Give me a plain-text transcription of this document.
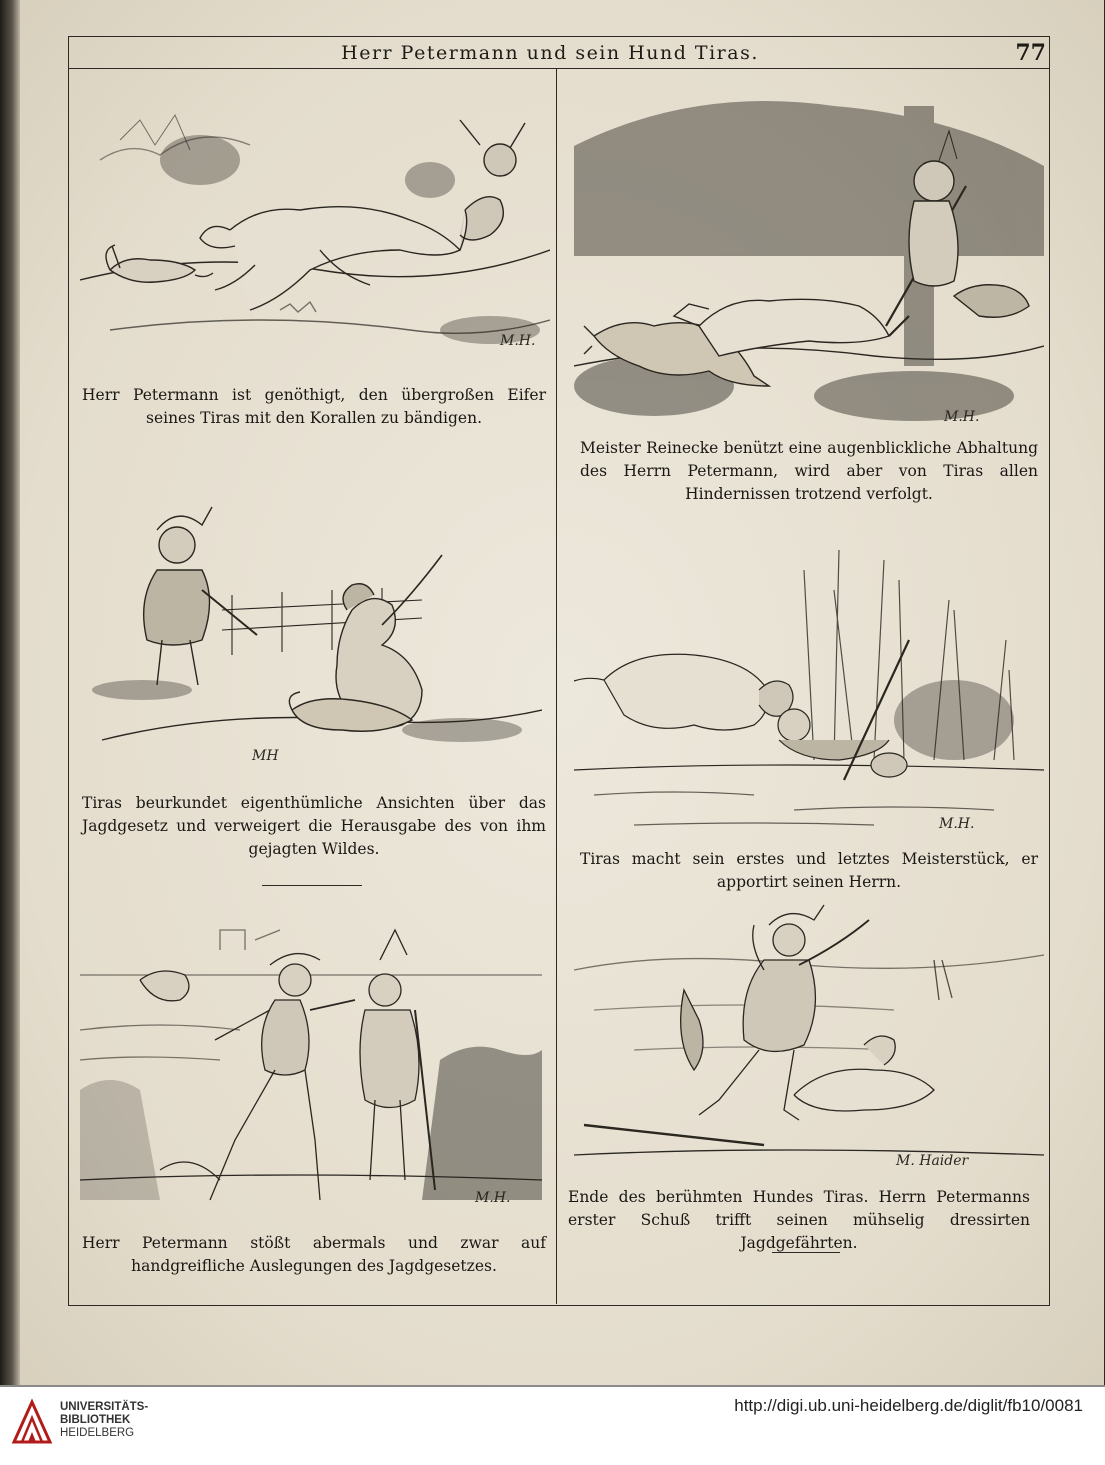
Herr Petermann und sein Hund Tiras.	77
M.H.
Herr Petermann ist genöthigt, den übergroßen Eifer seines Tiras mit den Korallen zu bändigen.	M.H.
Meister Reinecke benützt eine augenblickliche Abhaltung des Herrn Petermann, wird aber von Tiras allen Hindernissen trotzend verfolgt.
MH
Tiras beurkundet eigenthümliche Ansichten über das Jagdgesetz und verweigert die Herausgabe des von ihm gejagten Wildes.
M.H.
Tiras macht sein erstes und letztes Meisterstück, er apportirt seinen Herrn.
M.H.
Herr Petermann stößt abermals und zwar auf handgreifliche Auslegungen des Jagdgesetzes.
M. Haider
Ende des berühmten Hundes Tiras. Herrn Petermanns erster Schuß trifft seinen mühselig dressirten Jagdgefährten.
UNIVERSITÄTS-
BIBLIOTHEK
HEIDELBERG
http://digi.ub.uni-heidelberg.de/diglit/fb10/0081
